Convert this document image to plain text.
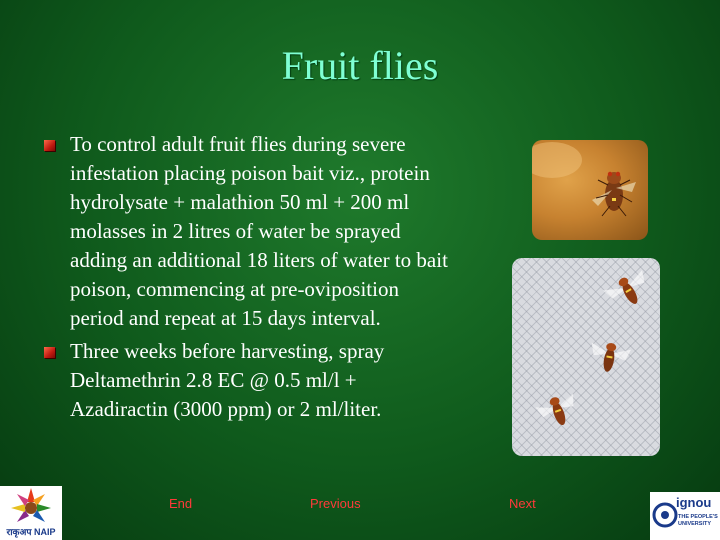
Fruit flies
To control adult fruit flies during severe infestation placing poison bait viz., protein hydrolysate + malathion 50 ml + 200 ml molasses in 2 litres of water be sprayed adding an additional 18 liters of water to bait poison, commencing at pre-oviposition period and repeat at 15 days interval.
Three weeks before harvesting, spray Deltamethrin 2.8 EC @ 0.5 ml/l + Azadiractin (3000 ppm) or 2 ml/liter.
End	Previous	Next
राकृअप NAIP
ignou
THE PEOPLE'S UNIVERSITY
